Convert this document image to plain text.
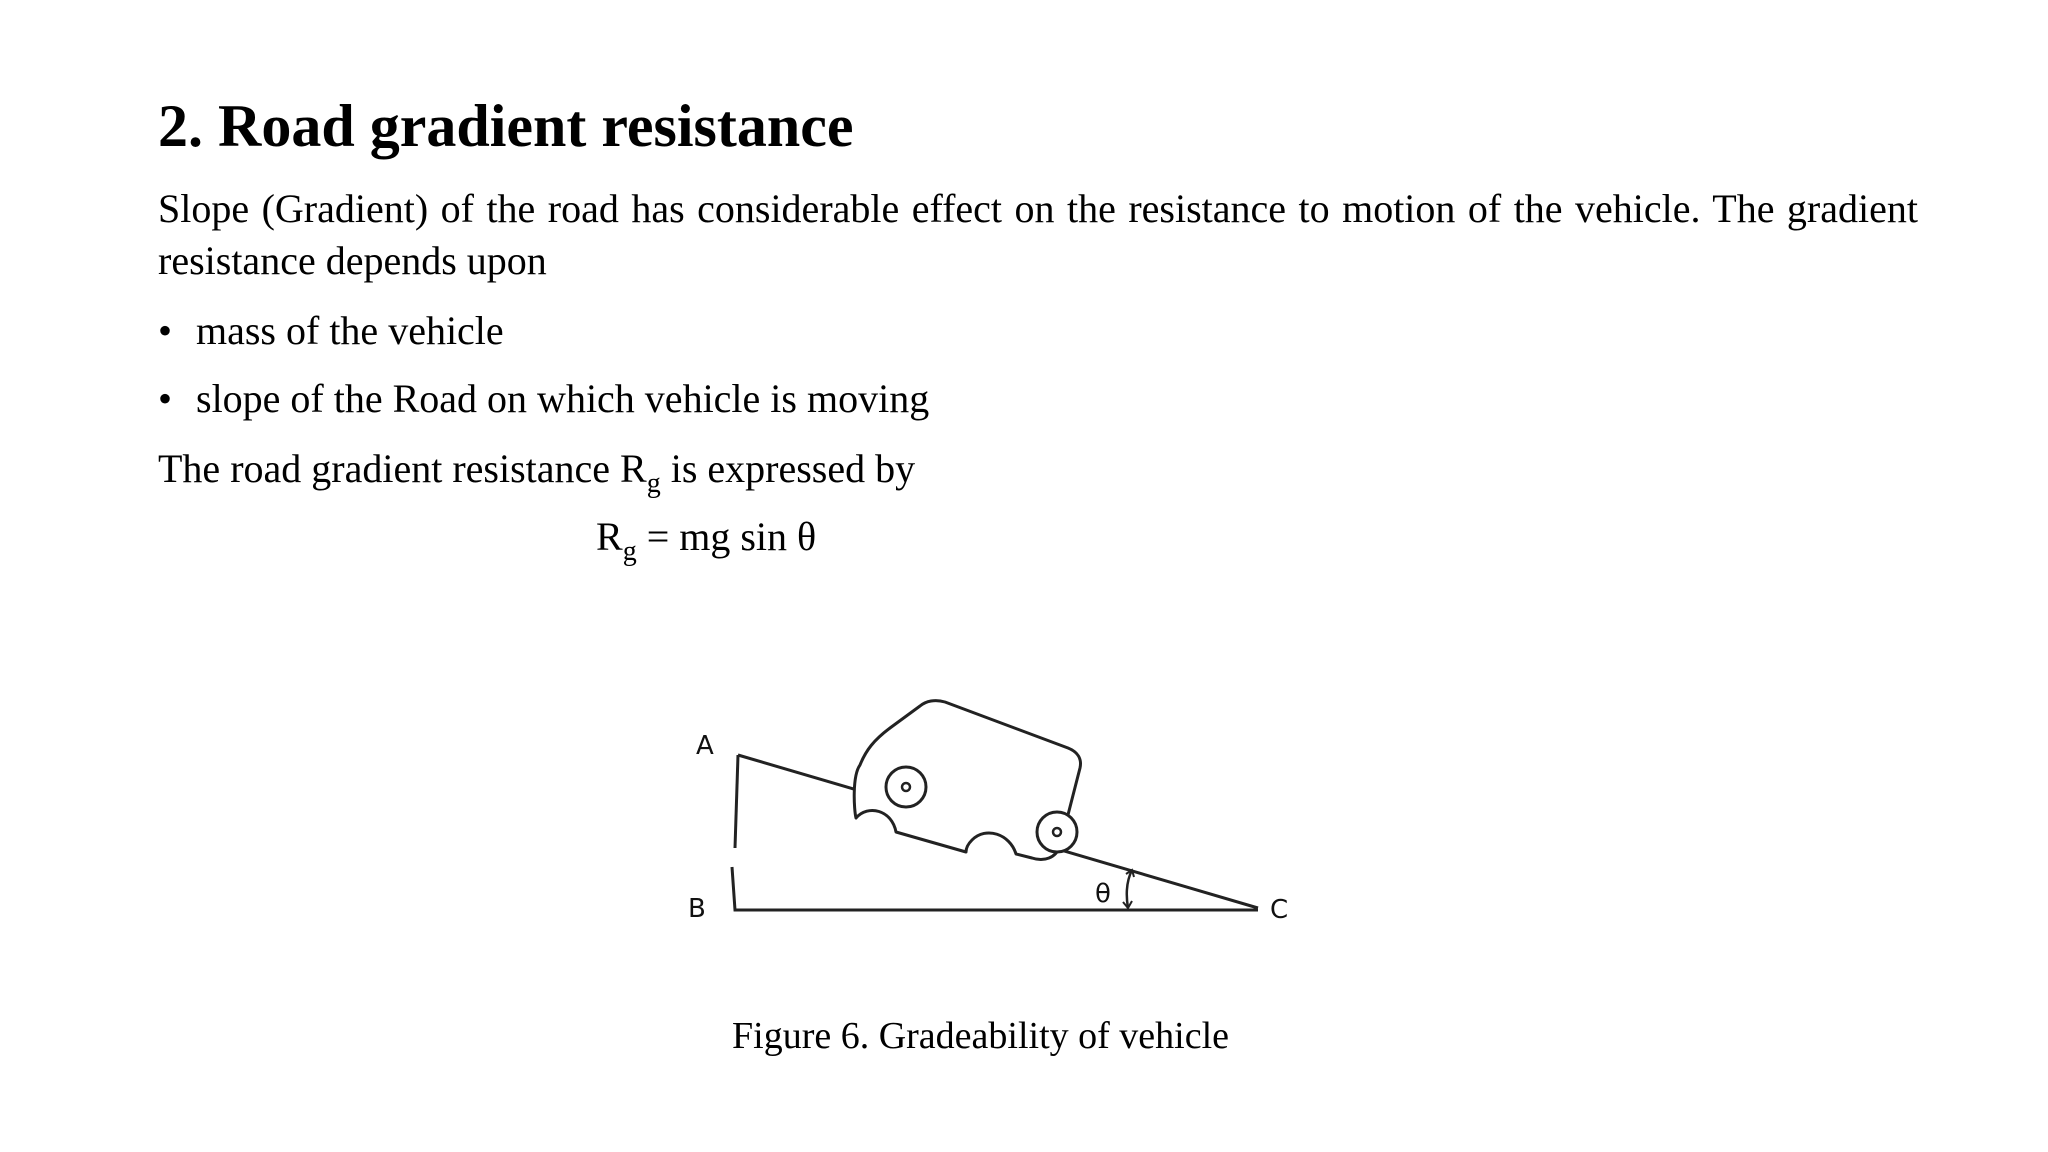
2. Road gradient resistance
Slope (Gradient) of the road has considerable effect on the resistance to motion of the vehicle. The gradient resistance depends upon
• mass of the vehicle
• slope of the Road on which vehicle is moving
The road gradient resistance $R_g$ is expressed by
$R_g$ = mg sin θ
A
B	C
θ
Figure 6. Gradeability of vehicle
